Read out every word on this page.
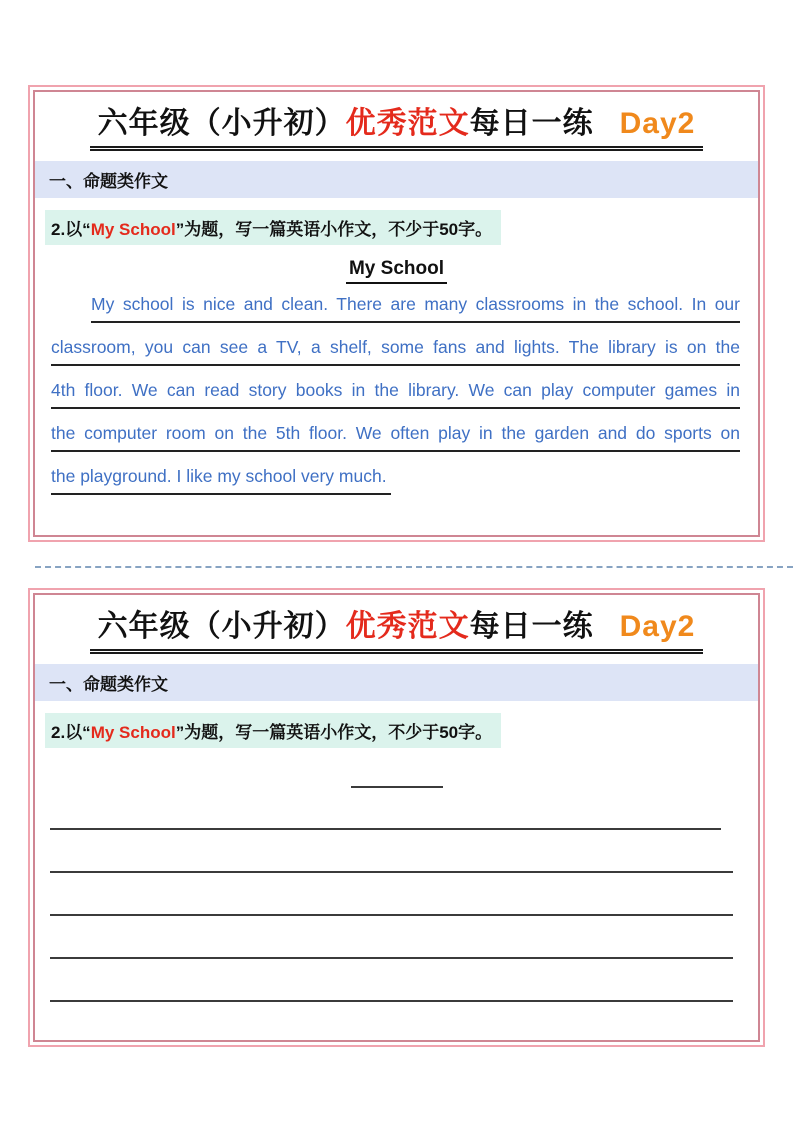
六年级（小升初）优秀范文每日一练 Day2
一、命题类作文
2.以“My School”为题，写一篇英语小作文，不少于50字。
My School
My school is nice and clean. There are many classrooms in the school. In our
classroom, you can see a TV, a shelf, some fans and lights. The library is on the
4th floor. We can read story books in the library. We can play computer games in
the computer room on the 5th floor. We often play in the garden and do sports on
the playground. I like my school very much.
六年级（小升初）优秀范文每日一练 Day2
一、命题类作文
2.以“My School”为题，写一篇英语小作文，不少于50字。
